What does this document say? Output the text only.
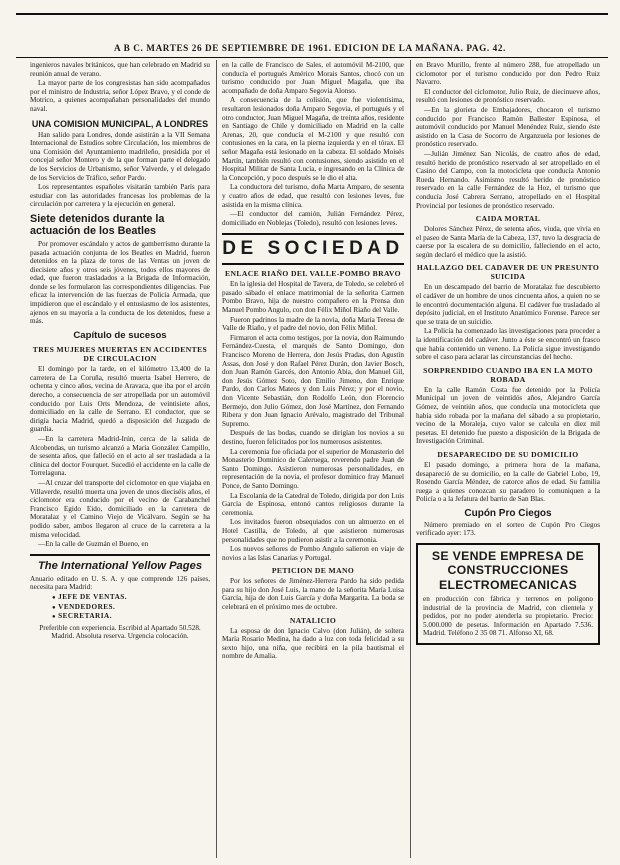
A B C. MARTES 26 DE SEPTIEMBRE DE 1961. EDICION DE LA MAÑANA. PAG. 42.

ingenieros navales británicos, que han celebrado en Madrid su reunión anual de verano.

La mayor parte de los congresistas han sido acompañados por el ministro de Industria, señor López Bravo, y el conde de Motrico, a quienes acompañaban personalidades del mundo naval.

UNA COMISION MUNICIPAL, A LONDRES

Han salido para Londres, donde asistirán a la VII Semana Internacional de Estudios sobre Circulación, los miembros de una Comisión del Ayuntamiento madrileño, presidida por el concejal señor Montero y de la que forman parte el delegado de los Servicios de Urbanismo, señor Valverde, y el delegado de los Servicios de Tráfico, señor Pardo.

Los representantes españoles visitarán también París para estudiar con las autoridades francesas los problemas de la circulación por carretera y la ejecución en general.

Siete detenidos durante la actuación de los Beatles

Por promover escándalo y actos de gamberrismo durante la pasada actuación conjunta de los Beatles en Madrid, fueron detenidos en la plaza de toros de las Ventas un joven de diecisiete años y otros seis jóvenes, todos ellos mayores de edad, que fueron trasladados a la Brigada de Información, donde se les formularon las correspondientes diligencias. Fue eficaz la intervención de las fuerzas de Policía Armada, que impidieron que el escándalo y el entusiasmo de los asistentes, ajenos en su mayoría a la conducta de los detenidos, fuese a más.

Capítulo de sucesos
TRES MUJERES MUERTAS EN ACCIDENTES DE CIRCULACION

El domingo por la tarde, en el kilómetro 13,400 de la carretera de La Coruña, resultó muerta Isabel Herrero, de ochenta y cinco años, vecina de Aravaca, que iba por el arcén derecho, a consecuencia de ser atropellada por un automóvil conducido por Luis Orts Mendoza, de veintisiete años, domiciliado en la calle de Serrano. El conductor, que se dirigía hacia Madrid, quedó a disposición del Juzgado de guardia.

—En la carretera Madrid-Irún, cerca de la salida de Alcobendas, un turismo alcanzó a María González Campillo, de sesenta años, que falleció en el acto al ser trasladada a la clínica del doctor Fourquet. Sucedió el accidente en la calle de Torrelaguna.

—Al cruzar del transporte del ciclomotor en que viajaba en Villaverde, resultó muerta una joven de unos dieciséis años, el ciclomotor era conducido por el vecino de Carabanchel Francisco Egido Eido, domiciliado en la carretera de Moratalaz y el Camino Viejo de Vicálvaro. Según se ha podido saber, ambos llegaron al cruce de la carretera a la misma velocidad.

—En la calle de Guzmán el Bueno, en

The International Yellow Pages

Anuario editado en U. S. A. y que comprende 126 países, necesita para Madrid:

● JEFE DE VENTAS.
● VENDEDORES.
● SECRETARIA.

Preferible con experiencia. Escribid al Apartado 50.528. Madrid. Absoluta reserva. Urgencia colocación.

en la calle de Francisco de Sales, el automóvil M-2100, que conducía el portugués Américo Morais Santos, chocó con un turismo conducido por Juan Miguel Magaña, que iba acompañado de doña Amparo Segovia Alonso.

A consecuencia de la colisión, que fue violentísima, resultaron lesionados doña Amparo Segovia, el portugués y el otro conductor, Juan Miguel Magaña, de treinta años, residente en Santiago de Chile y domiciliado en Madrid en la calle Arenas, 20, que conducía el M-2100 y que resultó con contusiones en la cara, en la pierna izquierda y en el tórax. El señor Magaña está lesionado en la cabeza. El soldado Moisés Martín, también resultó con contusiones, siendo asistido en el Hospital Militar de Santa Lucía, e ingresando en la Clínica de la Concepción, y poco después se le dio el alta.

La conductora del turismo, doña Marta Amparo, de sesenta y cuatro años de edad, que resultó con lesiones leves, fue asistida en la misma clínica.

—El conductor del camión, Julián Fernández Pérez, domiciliado en Noblejas (Toledo), resultó con lesiones leves.

DE SOCIEDAD
ENLACE RIAÑO DEL VALLE-POMBO BRAVO

En la iglesia del Hospital de Tavera, de Toledo, se celebró el pasado sábado el enlace matrimonial de la señorita Carmen Pombo Bravo, hija de nuestro compañero en la Prensa don Manuel Pombo Angulo, con don Félix Miñol Riaño del Valle.

Fueron padrinos la madre de la novia, doña María Teresa de Valle de Riaño, y el padre del novio, don Félix Miñol.

Firmaron el acta como testigos, por la novia, don Raimundo Fernández-Cuesta, el marqués de Santo Domingo, don Francisco Moreno de Herrera, don Jesús Pradas, don Agustín Assas, don José y don Rafael Pérez Durán, don Javier Bosch, don Juan Ramón Garcés, don Antonio Abia, don Manuel Gil, don Jesús Gómez Soto, don Emilio Jimeno, don Enrique Pardo, don Carlos Mateos y don Luis Pérez; y por el novio, don Vicente Sebastián, don Rodolfo León, don Florencio Bermejo, don Julio Gómez, don José Martínez, don Fernando Ribera y don Juan Ignacio Arévalo, magistrado del Tribunal Supremo.

Después de las bodas, cuando se dirigían los novios a su destino, fueron felicitados por los numerosos asistentes.

La ceremonia fue oficiada por el superior de Monasterio del Monasterio Dominico de Caleruega, reverendo padre Juan de Santo Domingo. Asistieron numerosas personalidades, en representación de la novia, el profesor dominico fray Manuel Ponce, de Santo Domingo.

La Escolanía de la Catedral de Toledo, dirigida por don Luis García de Espinosa, entonó cantos religiosos durante la ceremonia.

Los invitados fueron obsequiados con un almuerzo en el Hotel Castilla, de Toledo, al que asistieron numerosas personalidades que no pudieron asistir a la ceremonia.

Los nuevos señores de Pombo Angulo salieron en viaje de novios a las Islas Canarias y Portugal.

PETICION DE MANO

Por los señores de Jiménez-Herrera Pardo ha sido pedida para su hijo don José Luis, la mano de la señorita María Luisa García, hija de don Luis García y doña Margarita. La boda se celebrará en el próximo mes de octubre.

NATALICIO

La esposa de don Ignacio Calvo (don Julián), de soltera María Rosario Medina, ha dado a luz con toda felicidad a su sexto hijo, una niña, que recibirá en la pila bautismal el nombre de Amalia.

en Bravo Murillo, frente al número 288, fue atropellado un ciclomotor por el turismo conducido por don Pedro Ruiz Navarro.

El conductor del ciclomotor, Julio Ruiz, de diecinueve años, resultó con lesiones de pronóstico reservado.

—En la glorieta de Embajadores, chocaron el turismo conducido por Francisco Ramón Ballester Espinosa, el automóvil conducido por Manuel Menéndez Ruiz, siendo éste asistido en la Casa de Socorro de Arganzuela por lesiones de pronóstico reservado.

—Julián Jiménez San Nicolás, de cuatro años de edad, resultó herido de pronóstico reservado al ser atropellado en el Casino del Campo, con la motocicleta que conducía Antonio Rueda Hernando. Asimismo resultó herido de pronóstico reservado en la calle Fernández de la Hoz, el turismo que conducía José Cabrera Serrano, atropellado en el Hospital Provincial por lesiones de pronóstico reservado.

CAIDA MORTAL

Dolores Sánchez Pérez, de setenta años, viuda, que vivía en el paseo de Santa María de la Cabeza, 137, tuvo la desgracia de caerse por la escalera de su domicilio, falleciendo en el acto, según declaró el médico que la asistió.

HALLAZGO DEL CADAVER DE UN PRESUNTO SUICIDA

En un descampado del barrio de Moratalaz fue descubierto el cadáver de un hombre de unos cincuenta años, a quien no se le encontró documentación alguna. El cadáver fue trasladado al depósito judicial, en el Instituto Anatómico Forense. Parece ser que se trata de un suicidio.

La Policía ha comenzado las investigaciones para proceder a la identificación del cadáver. Junto a éste se encontró un frasco que había contenido un veneno. La Policía sigue investigando sobre el caso para aclarar las circunstancias del hecho.

SORPRENDIDO CUANDO IBA EN LA MOTO ROBADA

En la calle Ramón Costa fue detenido por la Policía Municipal un joven de veintidós años, Alejandro García Gómez, de veintiún años, que conducía una motocicleta que había sido robada por la mañana del sábado a su propietario, vecino de la Moraleja, cuyo valor se calcula en diez mil pesetas. El detenido fue puesto a disposición de la Brigada de Investigación Criminal.

DESAPARECIDO DE SU DOMICILIO

El pasado domingo, a primera hora de la mañana, desapareció de su domicilio, en la calle de Gabriel Lobo, 19, Rosendo García Méndez, de catorce años de edad. Su familia ruega a quienes conozcan su paradero lo comuniquen a la Policía o a la Jefatura del barrio de San Blas.

Cupón Pro Ciegos

Número premiado en el sorteo de Cupón Pro Ciegos verificado ayer: 173.

SE VENDE EMPRESA DE CONSTRUCCIONES ELECTROMECANICAS

en producción con fábrica y terrenos en polígono industrial de la provincia de Madrid, con clientela y pedidos, por no poder atenderla su propietario. Precio: 5.000.000 de pesetas. Información en Apartado 7.536. Madrid. Teléfono 2 35 08 71. Alfonso XI, 68.
